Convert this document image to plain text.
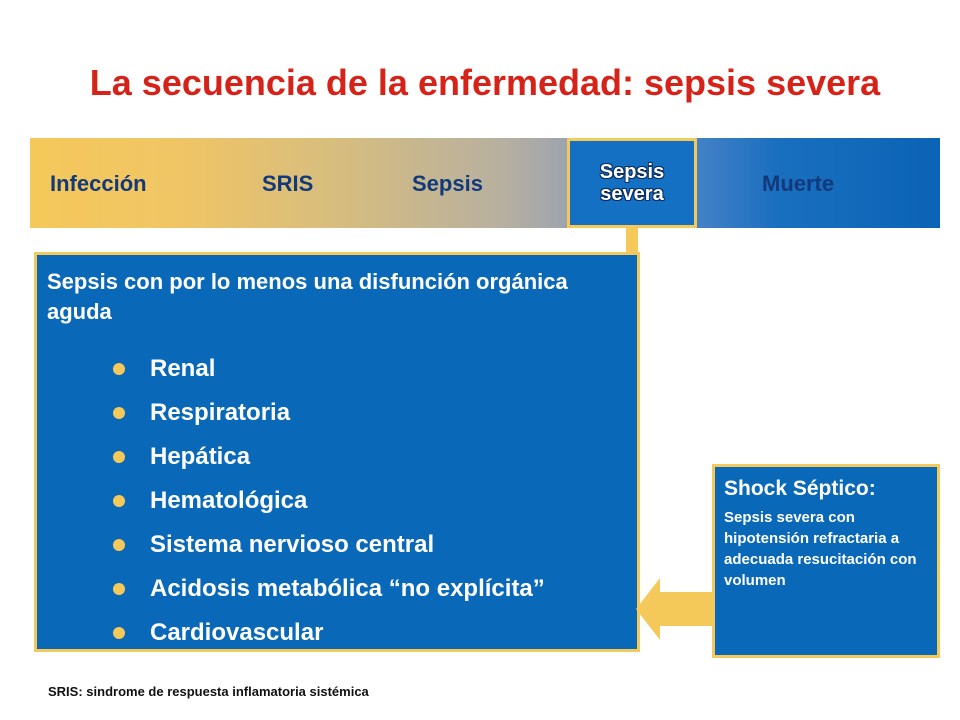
La secuencia de la enfermedad: sepsis severa
Infección	SRIS	Sepsis	Sepsis severa	Muerte
Sepsis con por lo menos una disfunción orgánica aguda
Renal
Respiratoria
Hepática
Hematológica
Sistema nervioso central
Acidosis metabólica “no explícita”
Cardiovascular
Shock Séptico:
Sepsis severa con hipotensión refractaria a adecuada resucitación con volumen
SRIS: sindrome de respuesta inflamatoria sistémica
